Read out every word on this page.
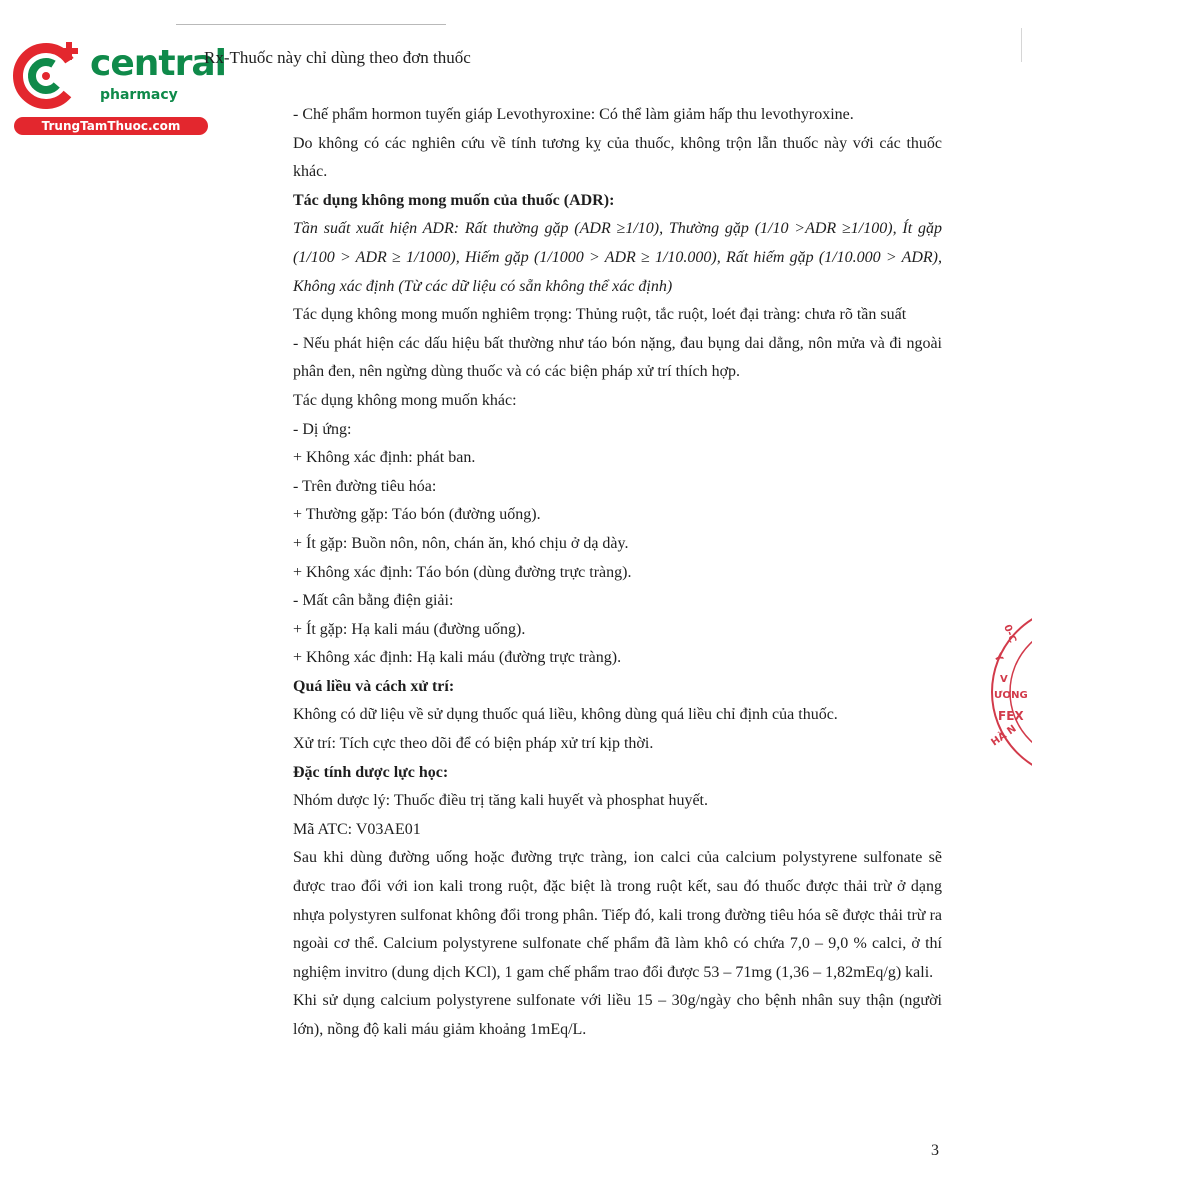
central
pharmacy
TrungTamThuoc.com
Rx-Thuốc này chỉ dùng theo đơn thuốc

- Chế phẩm hormon tuyến giáp Levothyroxine: Có thể làm giảm hấp thu levothyroxine.

Do không có các nghiên cứu về tính tương kỵ của thuốc, không trộn lẫn thuốc này với các thuốc khác.

Tác dụng không mong muốn của thuốc (ADR):

Tần suất xuất hiện ADR: Rất thường gặp (ADR ≥1/10), Thường gặp (1/10 >ADR ≥1/100), Ít gặp (1/100 > ADR ≥ 1/1000), Hiếm gặp (1/1000 > ADR ≥ 1/10.000), Rất hiếm gặp (1/10.000 > ADR), Không xác định (Từ các dữ liệu có sẵn không thể xác định)

Tác dụng không mong muốn nghiêm trọng: Thủng ruột, tắc ruột, loét đại tràng: chưa rõ tần suất

- Nếu phát hiện các dấu hiệu bất thường như táo bón nặng, đau bụng dai dẳng, nôn mửa và đi ngoài phân đen, nên ngừng dùng thuốc và có các biện pháp xử trí thích hợp.

Tác dụng không mong muốn khác:

- Dị ứng:

+ Không xác định: phát ban.

- Trên đường tiêu hóa:

+ Thường gặp: Táo bón (đường uống).

+ Ít gặp: Buồn nôn, nôn, chán ăn, khó chịu ở dạ dày.

+ Không xác định: Táo bón (dùng đường trực tràng).

- Mất cân bằng điện giải:

+ Ít gặp: Hạ kali máu (đường uống).

+ Không xác định: Hạ kali máu (đường trực tràng).

Quá liều và cách xử trí:

Không có dữ liệu về sử dụng thuốc quá liều, không dùng quá liều chỉ định của thuốc.

Xử trí: Tích cực theo dõi để có biện pháp xử trí kịp thời.

Đặc tính dược lực học:

Nhóm dược lý: Thuốc điều trị tăng kali huyết và phosphat huyết.

Mã ATC: V03AE01

Sau khi dùng đường uống hoặc đường trực tràng, ion calci của calcium polystyrene sulfonate sẽ được trao đổi với ion kali trong ruột, đặc biệt là trong ruột kết, sau đó thuốc được thải trừ ở dạng nhựa polystyren sulfonat không đổi trong phân. Tiếp đó, kali trong đường tiêu hóa sẽ được thải trừ ra ngoài cơ thể. Calcium polystyrene sulfonate chế phẩm đã làm khô có chứa 7,0 – 9,0 % calci, ở thí nghiệm invitro (dung dịch KCl), 1 gam chế phẩm trao đổi được 53 – 71mg (1,36 – 1,82mEq/g) kali.

Khi sử dụng calcium polystyrene sulfonate với liều 15 – 30g/ngày cho bệnh nhân suy thận (người lớn), nồng độ kali máu giảm khoảng 1mEq/L.

3
Y
0-C
V
ƯƠNG
FEX
HÀ N
